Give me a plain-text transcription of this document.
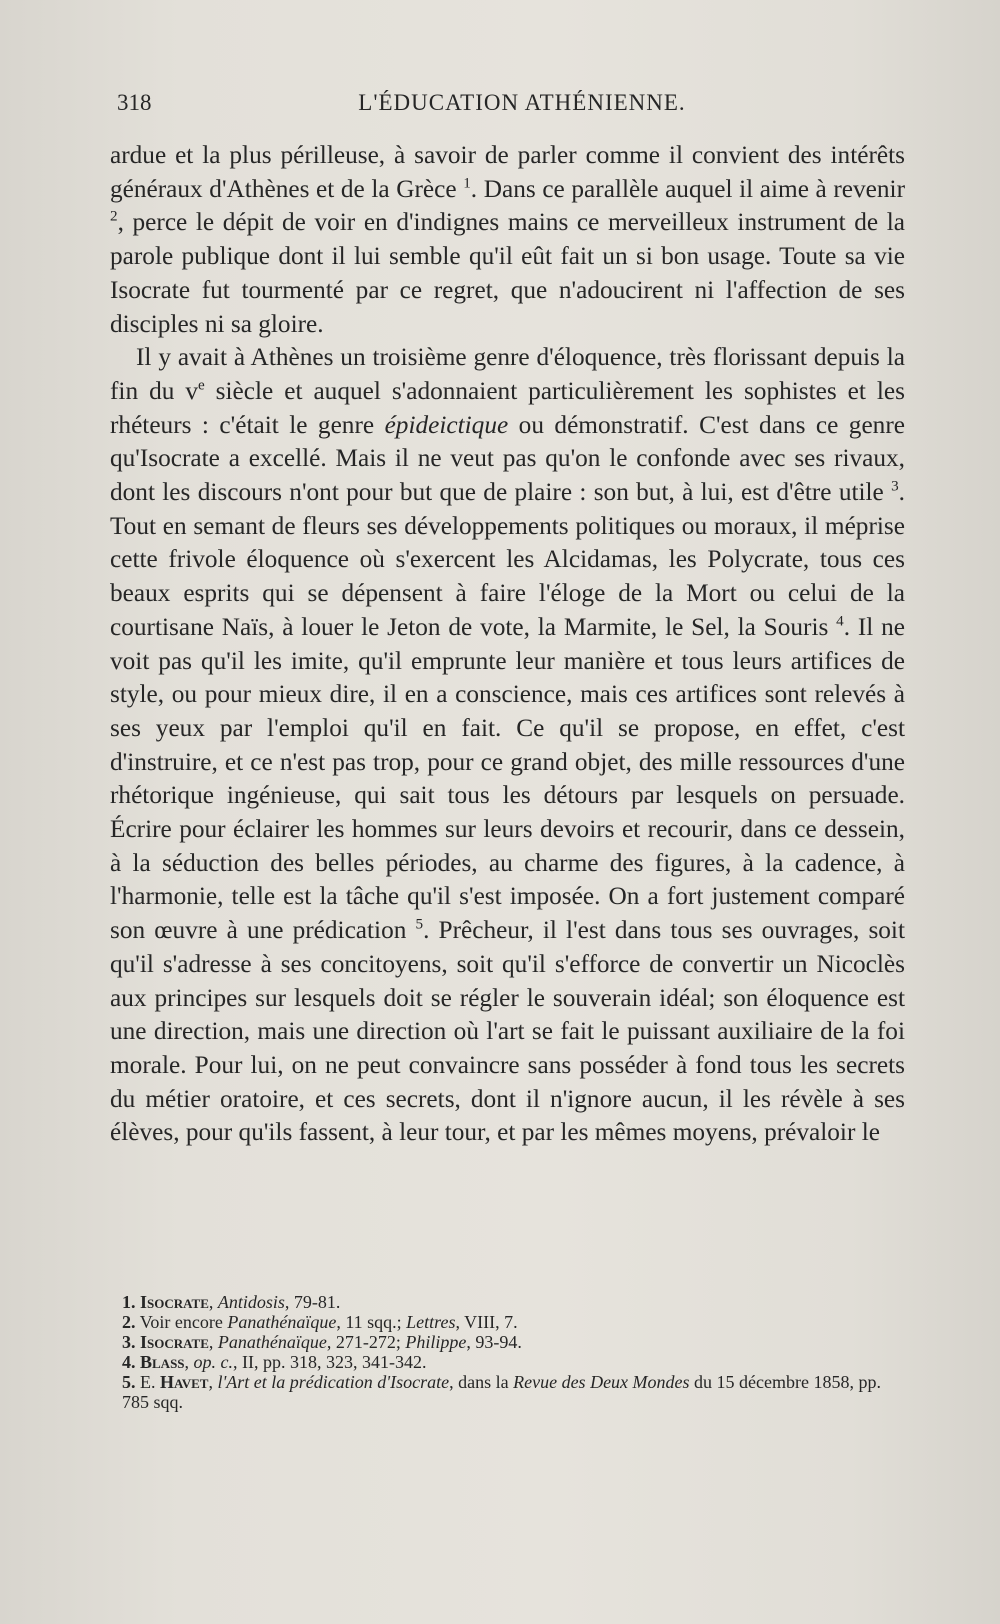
318	L'ÉDUCATION ATHÉNIENNE.

ardue et la plus périlleuse, à savoir de parler comme il convient des intérêts généraux d'Athènes et de la Grèce $^1$. Dans ce parallèle auquel il aime à revenir $^2$, perce le dépit de voir en d'indignes mains ce merveilleux instrument de la parole publique dont il lui semble qu'il eût fait un si bon usage. Toute sa vie Isocrate fut tourmenté par ce regret, que n'adoucirent ni l'affection de ses disciples ni sa gloire.

Il y avait à Athènes un troisième genre d'éloquence, très florissant depuis la fin du $v^e$ siècle et auquel s'adonnaient particulièrement les sophistes et les rhéteurs : c'était le genre épideictique ou démonstratif. C'est dans ce genre qu'Isocrate a excellé. Mais il ne veut pas qu'on le confonde avec ses rivaux, dont les discours n'ont pour but que de plaire : son but, à lui, est d'être utile $^3$. Tout en semant de fleurs ses développements politiques ou moraux, il méprise cette frivole éloquence où s'exercent les Alcidamas, les Polycrate, tous ces beaux esprits qui se dépensent à faire l'éloge de la Mort ou celui de la courtisane Naïs, à louer le Jeton de vote, la Marmite, le Sel, la Souris $^4$. Il ne voit pas qu'il les imite, qu'il emprunte leur manière et tous leurs artifices de style, ou pour mieux dire, il en a conscience, mais ces artifices sont relevés à ses yeux par l'emploi qu'il en fait. Ce qu'il se propose, en effet, c'est d'instruire, et ce n'est pas trop, pour ce grand objet, des mille ressources d'une rhétorique ingénieuse, qui sait tous les détours par lesquels on persuade. Écrire pour éclairer les hommes sur leurs devoirs et recourir, dans ce dessein, à la séduction des belles périodes, au charme des figures, à la cadence, à l'harmonie, telle est la tâche qu'il s'est imposée. On a fort justement comparé son œuvre à une prédication $^5$. Prêcheur, il l'est dans tous ses ouvrages, soit qu'il s'adresse à ses concitoyens, soit qu'il s'efforce de convertir un Nicoclès aux principes sur lesquels doit se régler le souverain idéal; son éloquence est une direction, mais une direction où l'art se fait le puissant auxiliaire de la foi morale. Pour lui, on ne peut convaincre sans posséder à fond tous les secrets du métier oratoire, et ces secrets, dont il n'ignore aucun, il les révèle à ses élèves, pour qu'ils fassent, à leur tour, et par les mêmes moyens, prévaloir le

1. Isocrate, Antidosis, 79-81.

2. Voir encore Panathénaïque, 11 sqq.; Lettres, VIII, 7.

3. Isocrate, Panathénaïque, 271-272; Philippe, 93-94.

4. Blass, op. c., II, pp. 318, 323, 341-342.

5. E. Havet, l'Art et la prédication d'Isocrate, dans la Revue des Deux Mondes du 15 décembre 1858, pp. 785 sqq.
